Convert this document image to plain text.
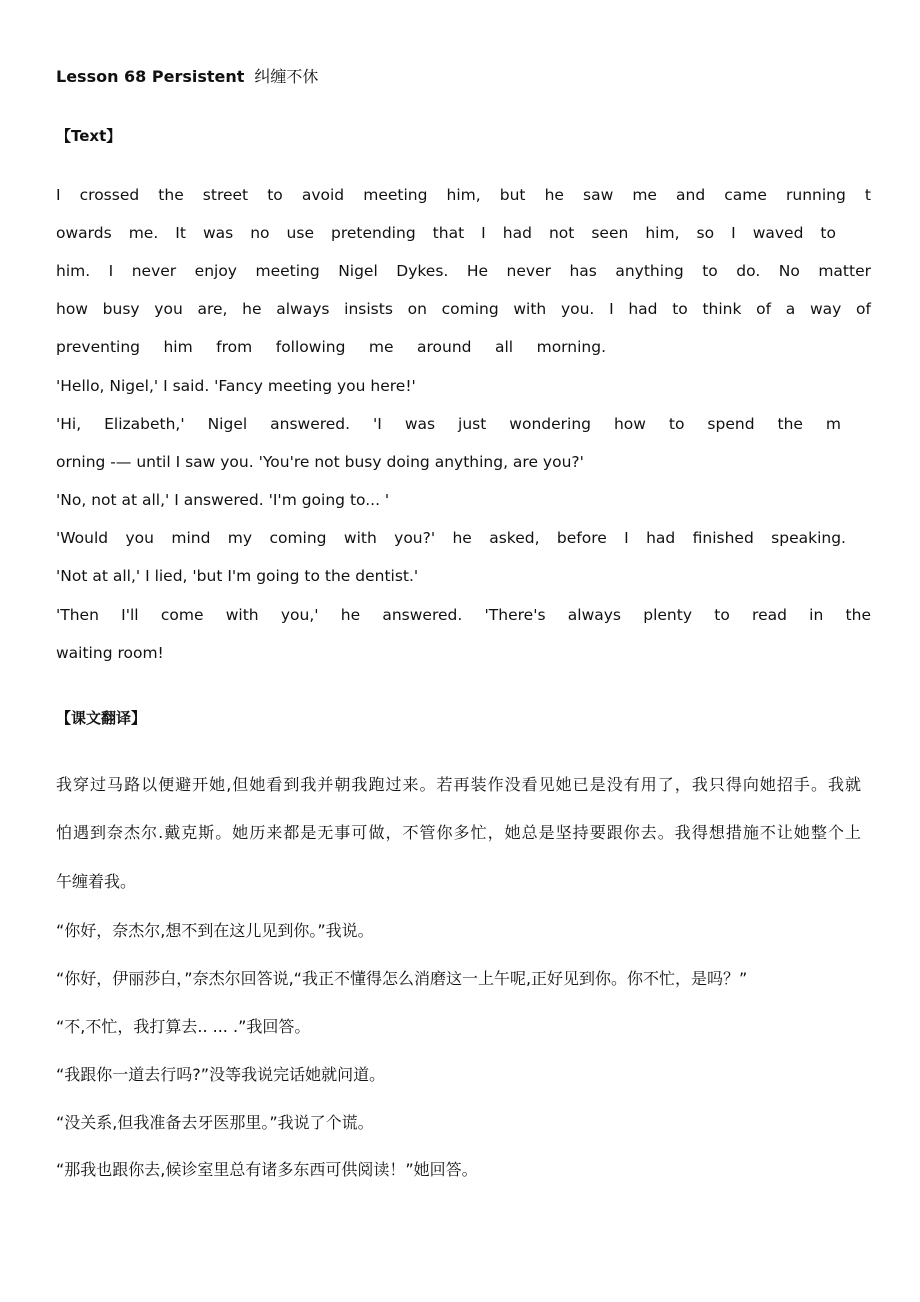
Lesson 68 Persistent 纠缠不休
【Text】
I crossed the street to avoid meeting him, but he saw me and came running t
owards me. It was no use pretending that I had not seen him, so I waved to
him. I never enjoy meeting Nigel Dykes. He never has anything to do. No matter
how busy you are, he always insists on coming with you. I had to think of a way of
preventing him from following me around all morning.
'Hello, Nigel,' I said. 'Fancy meeting you here!'
'Hi, Elizabeth,' Nigel answered. 'I was just wondering how to spend the m
orning -— until I saw you. 'You're not busy doing anything, are you?'
'No, not at all,' I answered. 'I'm going to... '
'Would you mind my coming with you?' he asked, before I had finished speaking.
'Not at all,' I lied, 'but I'm going to the dentist.'
'Then I'll come with you,' he answered. 'There's always plenty to read in the
waiting room!
【课文翻译】
我穿过马路以便避开她,但她看到我并朝我跑过来。若再装作没看见她已是没有用了，我只得向她招手。我就
怕遇到奈杰尔.戴克斯。她历来都是无事可做，不管你多忙，她总是坚持要跟你去。我得想措施不让她整个上
午缠着我。
“你好，奈杰尔,想不到在这儿见到你。”我说。
“你好，伊丽莎白，”奈杰尔回答说,“我正不懂得怎么消磨这一上午呢,正好见到你。你不忙，是吗？”
“不,不忙，我打算去.. ... .”我回答。
“我跟你一道去行吗?”没等我说完话她就问道。
“没关系,但我准备去牙医那里。”我说了个谎。
“那我也跟你去,候诊室里总有诸多东西可供阅读！”她回答。
